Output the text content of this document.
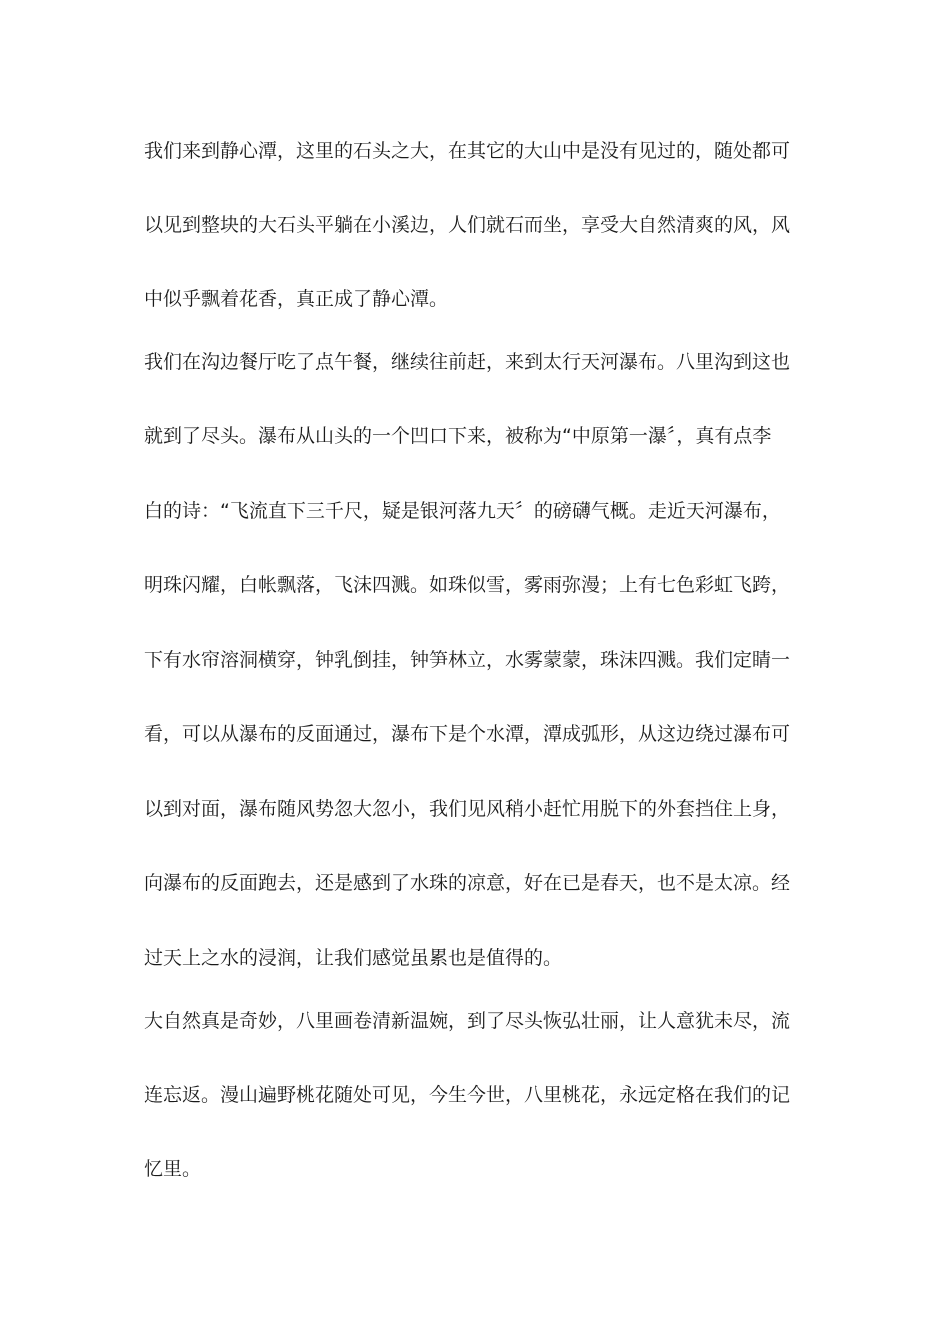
我们来到静心潭，这里的石头之大，在其它的大山中是没有见过的，随处都可
以见到整块的大石头平躺在小溪边，人们就石而坐，享受大自然清爽的风，风
中似乎飘着花香，真正成了静心潭。
我们在沟边餐厅吃了点午餐，继续往前赶，来到太行天河瀑布。八里沟到这也
就到了尽头。瀑布从山头的一个凹口下来，被称为“中原第一瀑〞，真有点李
白的诗：“飞流直下三千尺，疑是银河落九天〞的磅礴气概。走近天河瀑布，
明珠闪耀，白帐飘落，飞沫四溅。如珠似雪，雾雨弥漫；上有七色彩虹飞跨，
下有水帘溶洞横穿，钟乳倒挂，钟笋林立，水雾蒙蒙，珠沫四溅。我们定睛一
看，可以从瀑布的反面通过，瀑布下是个水潭，潭成弧形，从这边绕过瀑布可
以到对面，瀑布随风势忽大忽小，我们见风稍小赶忙用脱下的外套挡住上身，
向瀑布的反面跑去，还是感到了水珠的凉意，好在已是春天，也不是太凉。经
过天上之水的浸润，让我们感觉虽累也是值得的。
大自然真是奇妙，八里画卷清新温婉，到了尽头恢弘壮丽，让人意犹未尽，流
连忘返。漫山遍野桃花随处可见，今生今世，八里桃花，永远定格在我们的记
忆里。
